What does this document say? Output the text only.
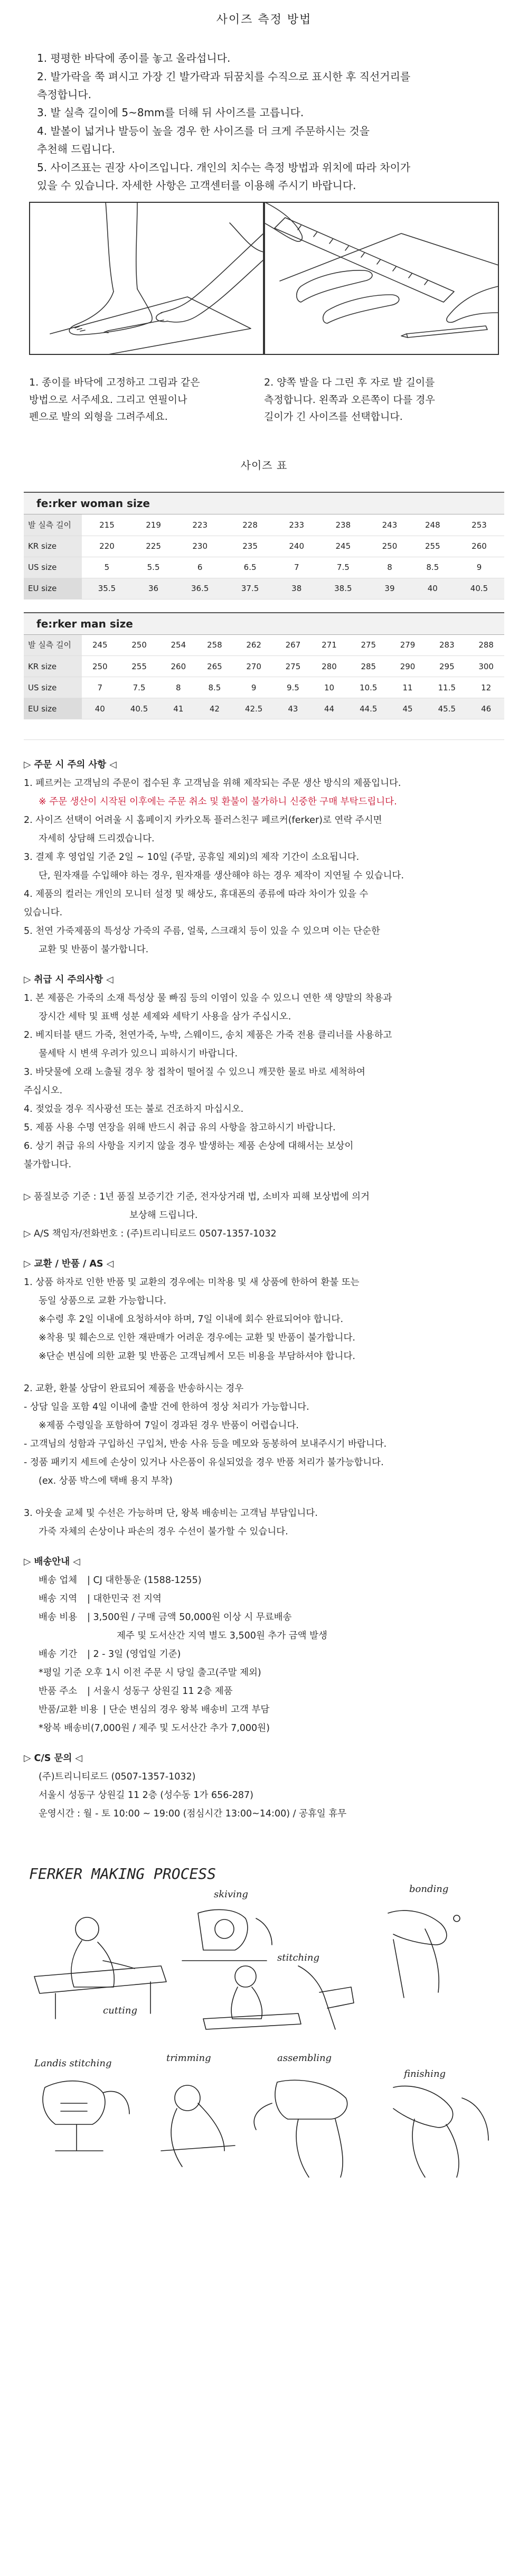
사이즈 측정 방법
1. 평평한 바닥에 종이를 놓고 올라섭니다.
2. 발가락을 쭉 펴시고 가장 긴 발가락과 뒤꿈치를 수직으로 표시한 후 직선거리를
측정합니다.
3. 발 실측 길이에 5~8mm를 더해 뒤 사이즈를 고릅니다.
4. 발볼이 넓거나 발등이 높을 경우 한 사이즈를 더 크게 주문하시는 것을
추천해 드립니다.
5. 사이즈표는 권장 사이즈입니다. 개인의 치수는 측정 방법과 위치에 따라 차이가
있을 수 있습니다. 자세한 사항은 고객센터를 이용해 주시기 바랍니다.

1. 종이를 바닥에 고정하고 그림과 같은
방법으로 서주세요. 그리고 연필이나
펜으로 발의 외형을 그려주세요.

2. 양쪽 발을 다 그린 후 자로 발 길이를
측정합니다. 왼쪽과 오른쪽이 다를 경우
길이가 긴 사이즈를 선택합니다.

사이즈 표
fe:rker woman size
발 실측 길이	215	219	223	228	233	238	243	248	253
KR size	220	225	230	235	240	245	250	255	260
US size	5	5.5	6	6.5	7	7.5	8	8.5	9
EU size	35.5	36	36.5	37.5	38	38.5	39	40	40.5
fe:rker man size
발 실측 길이	245	250	254	258	262	267	271	275	279	283	288
KR size	250	255	260	265	270	275	280	285	290	295	300
US size	7	7.5	8	8.5	9	9.5	10	10.5	11	11.5	12
EU size	40	40.5	41	42	42.5	43	44	44.5	45	45.5	46
▷ 주문 시 주의 사항 ◁
1. 페르커는 고객님의 주문이 접수된 후 고객님을 위해 제작되는 주문 생산 방식의 제품입니다.
※ 주문 생산이 시작된 이후에는 주문 취소 및 환불이 불가하니 신중한 구매 부탁드립니다.
2. 사이즈 선택이 어려울 시 홈페이지 카카오톡 플러스친구 페르커(ferker)로 연락 주시면
자세히 상담해 드리겠습니다.
3. 결제 후 영업일 기준 2일 ~ 10일 (주말, 공휴일 제외)의 제작 기간이 소요됩니다.
단, 원자재를 수입해야 하는 경우, 원자재를 생산해야 하는 경우 제작이 지연될 수 있습니다.
4. 제품의 컬러는 개인의 모니터 설정 및 해상도, 휴대폰의 종류에 따라 차이가 있을 수
있습니다.
5. 천연 가죽제품의 특성상 가죽의 주름, 얼룩, 스크래치 등이 있을 수 있으며 이는 단순한
교환 및 반품이 불가합니다.
▷ 취급 시 주의사항 ◁
1. 본 제품은 가죽의 소재 특성상 물 빠짐 등의 이염이 있을 수 있으니 연한 색 양말의 착용과
장시간 세탁 및 표백 성분 세제와 세탁기 사용을 삼가 주십시오.
2. 베지터블 탠드 가죽, 천연가죽, 누박, 스웨이드, 송치 제품은 가죽 전용 클리너를 사용하고
물세탁 시 변색 우려가 있으니 피하시기 바랍니다.
3. 바닷물에 오래 노출될 경우 창 접착이 떨어질 수 있으니 깨끗한 물로 바로 세척하여
주십시오.
4. 젖었을 경우 직사광선 또는 불로 건조하지 마십시오.
5. 제품 사용 수명 연장을 위해 반드시 취급 유의 사항을 참고하시기 바랍니다.
6. 상기 취급 유의 사항을 지키지 않을 경우 발생하는 제품 손상에 대해서는 보상이
불가합니다.
▷ 품질보증 기준 : 1년 품질 보증기간 기준, 전자상거래 법, 소비자 피해 보상법에 의거
보상해 드립니다.
▷ A/S 책임자/전화번호 : (주)트리니티로드 0507-1357-1032
▷ 교환 / 반품 / AS ◁
1. 상품 하자로 인한 반품 및 교환의 경우에는 미착용 및 새 상품에 한하여 환불 또는
동일 상품으로 교환 가능합니다.
※수령 후 2일 이내에 요청하셔야 하며, 7일 이내에 회수 완료되어야 합니다.
※착용 및 훼손으로 인한 재판매가 어려운 경우에는 교환 및 반품이 불가합니다.
※단순 변심에 의한 교환 및 반품은 고객님께서 모든 비용을 부담하셔야 합니다.
2. 교환, 환불 상담이 완료되어 제품을 반송하시는 경우
- 상담 일을 포함 4일 이내에 출발 건에 한하여 정상 처리가 가능합니다.
※제품 수령일을 포함하여 7일이 경과된 경우 반품이 어렵습니다.
- 고객님의 성함과 구입하신 구입처, 반송 사유 등을 메모와 동봉하여 보내주시기 바랍니다.
- 정품 패키지 세트에 손상이 있거나 사은품이 유실되었을 경우 반품 처리가 불가능합니다.
(ex. 상품 박스에 택배 용지 부착)
3. 아웃솔 교체 및 수선은 가능하며 단, 왕복 배송비는 고객님 부담입니다.
가죽 자체의 손상이나 파손의 경우 수선이 불가할 수 있습니다.
▷ 배송안내 ◁
배송 업체	| CJ 대한통운 (1588-1255)
배송 지역	| 대한민국 전 지역
배송 비용	| 3,500원 / 구매 금액 50,000원 이상 시 무료배송
제주 및 도서산간 지역 별도 3,500원 추가 금액 발생
배송 기간	| 2 - 3일 (영업일 기준)
*평일 기준 오후 1시 이전 주문 시 당일 출고(주말 제외)
반품 주소	| 서울시 성동구 상원길 11 2층 제품
반품/교환 비용 | 단순 변심의 경우 왕복 배송비 고객 부담
*왕복 배송비(7,000원 / 제주 및 도서산간 추가 7,000원)
▷ C/S 문의 ◁
(주)트리니티로드 (0507-1357-1032)
서울시 성동구 상원길 11 2층 (성수동 1가 656-287)
운영시간 : 월 - 토 10:00 ~ 19:00 (점심시간 13:00~14:00) / 공휴일 휴무
FERKER MAKING PROCESS
skiving	bonding
stitching
cutting
Landis stitching	trimming	assembling
finishing
